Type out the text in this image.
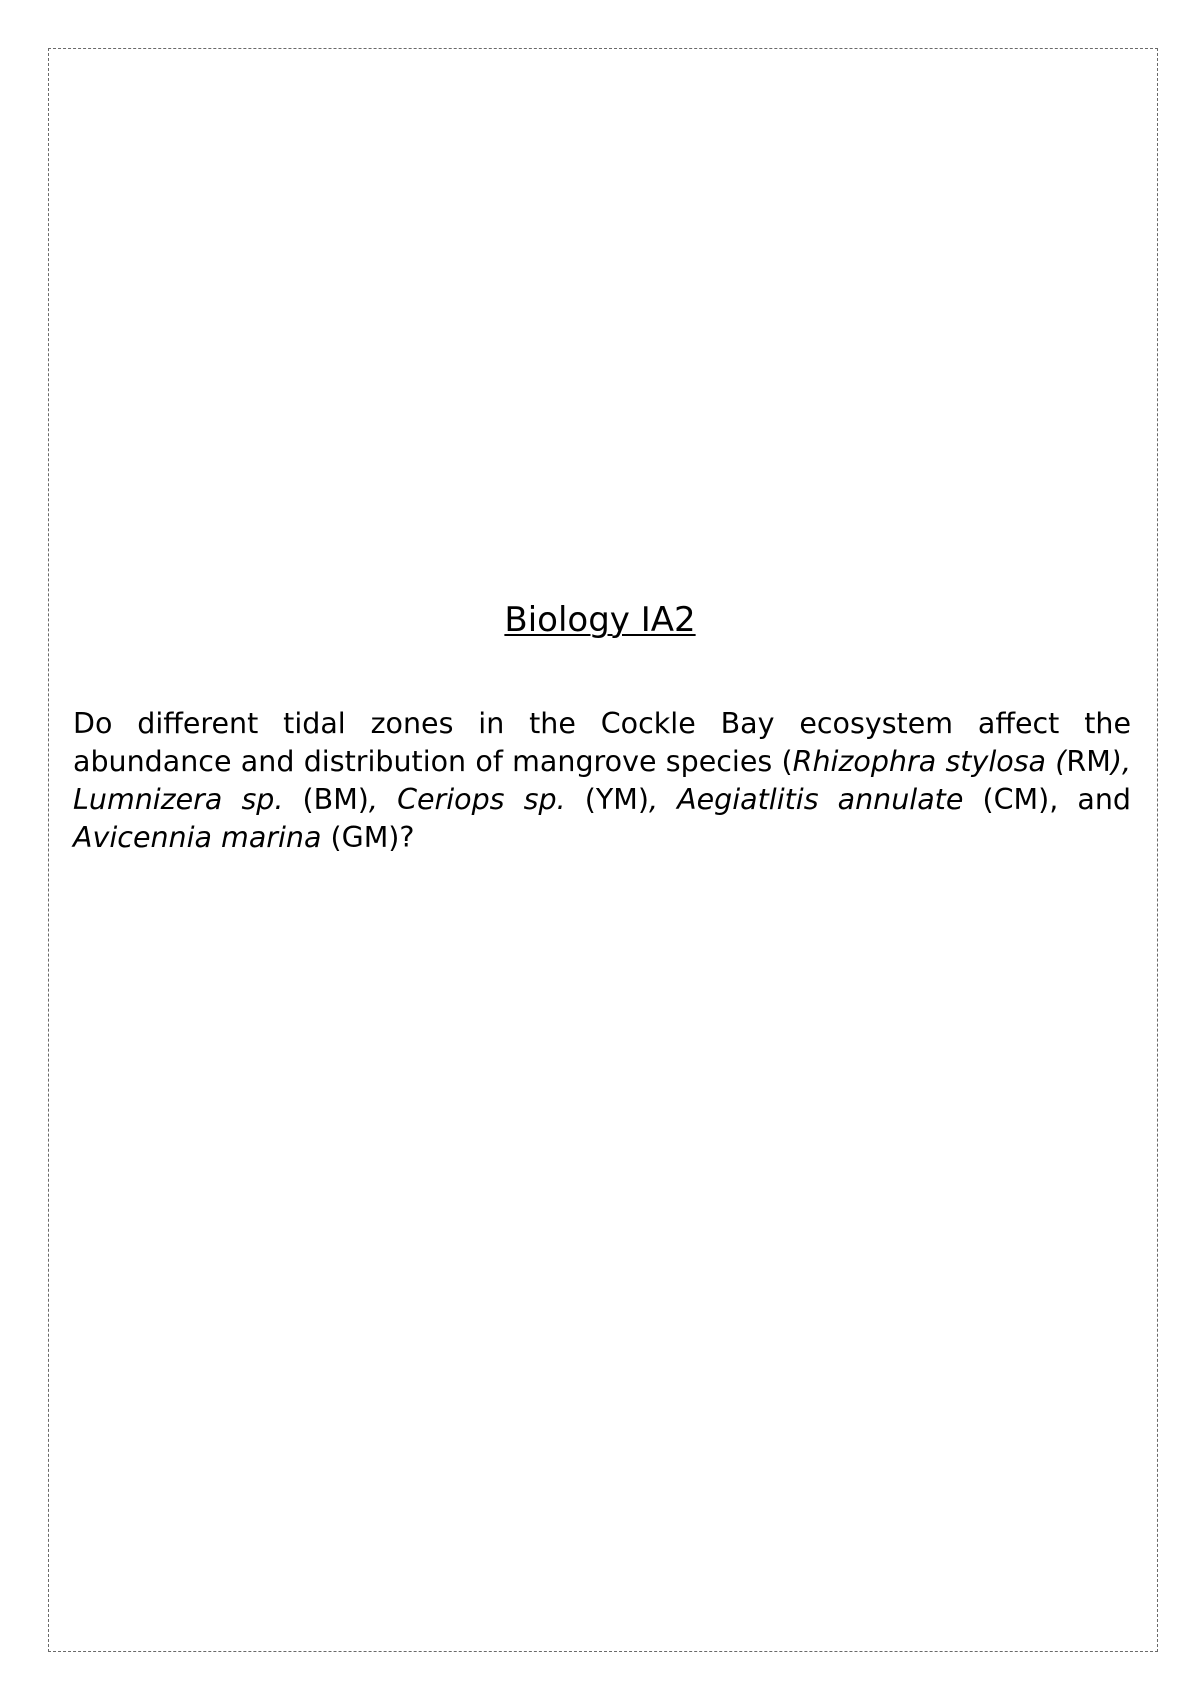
Biology IA2

Do different tidal zones in the Cockle Bay ecosystem affect the abundance and distribution of mangrove species (Rhizophra stylosa (RM), Lumnizera sp. (BM), Ceriops sp. (YM), Aegiatlitis annulate (CM), and Avicennia marina (GM)?
